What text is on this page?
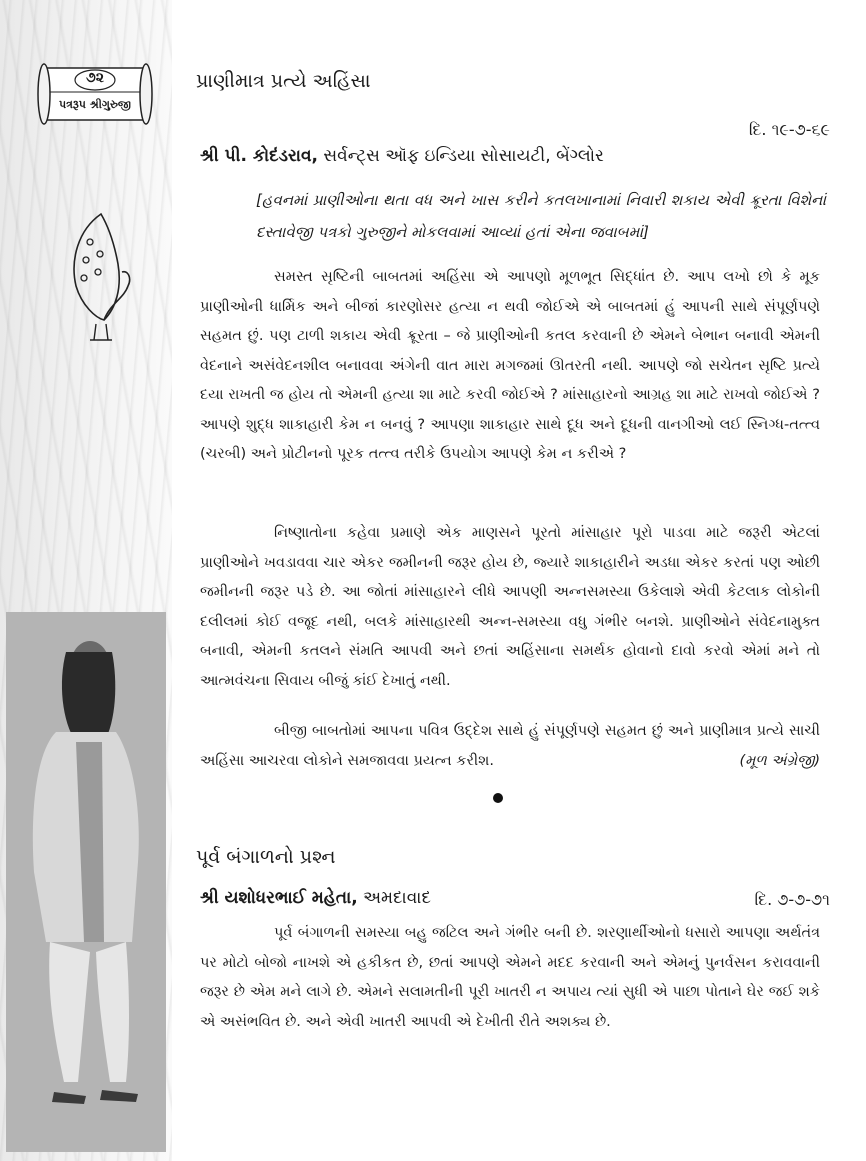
૭૨
પત્રરૂપ શ્રીગુરુજી
પ્રાણીમાત્ર પ્રત્યે અહિંસા
દિ. ૧૯-૭-૬૯
શ્રી પી. કોદંડરાવ, સર્વન્ટ્સ ઑફ ઇન્ડિયા સોસાયટી, બેંગ્લોર
[હવનમાં પ્રાણીઓના થતા વધ અને ખાસ કરીને કતલખાનામાં નિવારી શકાય એવી ક્રૂરતા વિશેનાં દસ્તાવેજી પત્રકો ગુરુજીને મોકલવામાં આવ્યાં હતાં એના જવાબમાં]
સમસ્ત સૃષ્ટિની બાબતમાં અહિંસા એ આપણો મૂળભૂત સિદ્ધાંત છે. આપ લખો છો કે મૂક પ્રાણીઓની ધાર્મિક અને બીજાં કારણોસર હત્યા ન થવી જોઈએ એ બાબતમાં હું આપની સાથે સંપૂર્ણપણે સહમત છું. પણ ટાળી શકાય એવી ક્રૂરતા – જે પ્રાણીઓની કતલ કરવાની છે એમને બેભાન બનાવી એમની વેદનાને અસંવેદનશીલ બનાવવા અંગેની વાત મારા મગજમાં ઊતરતી નથી. આપણે જો સચેતન સૃષ્ટિ પ્રત્યે દયા રાખતી જ હોય તો એમની હત્યા શા માટે કરવી જોઈએ ? માંસાહારનો આગ્રહ શા માટે રાખવો જોઈએ ? આપણે શુદ્ધ શાકાહારી કેમ ન બનવું ? આપણા શાકાહાર સાથે દૂધ અને દૂધની વાનગીઓ લઈ સ્નિગ્ધ-તત્ત્વ (ચરબી) અને પ્રોટીનનો પૂરક તત્ત્વ તરીકે ઉપયોગ આપણે કેમ ન કરીએ ?
નિષ્ણાતોના કહેવા પ્રમાણે એક માણસને પૂરતો માંસાહાર પૂરો પાડવા માટે જરૂરી એટલાં પ્રાણીઓને ખવડાવવા ચાર એકર જમીનની જરૂર હોય છે, જ્યારે શાકાહારીને અડધા એકર કરતાં પણ ઓછી જમીનની જરૂર પડે છે. આ જોતાં માંસાહારને લીધે આપણી અન્નસમસ્યા ઉકેલાશે એવી કેટલાક લોકોની દલીલમાં કોઈ વજૂદ નથી, બલકે માંસાહારથી અન્ન-સમસ્યા વધુ ગંભીર બનશે. પ્રાણીઓને સંવેદનામુક્ત બનાવી, એમની કતલને સંમતિ આપવી અને છતાં અહિંસાના સમર્થક હોવાનો દાવો કરવો એમાં મને તો આત્મવંચના સિવાય બીજું કાંઈ દેખાતું નથી.
બીજી બાબતોમાં આપના પવિત્ર ઉદ્દેશ સાથે હું સંપૂર્ણપણે સહમત છું અને પ્રાણીમાત્ર પ્રત્યે સાચી અહિંસા આચરવા લોકોને સમજાવવા પ્રયત્ન કરીશ.	(મૂળ અંગ્રેજી)
પૂર્વ બંગાળનો પ્રશ્ન
શ્રી યશોધરભાઈ મહેતા, અમદાવાદ	દિ. ૭-૭-૭૧
પૂર્વ બંગાળની સમસ્યા બહુ જટિલ અને ગંભીર બની છે. શરણાર્થીઓનો ધસારો આપણા અર્થતંત્ર પર મોટો બોજો નાખશે એ હકીકત છે, છતાં આપણે એમને મદદ કરવાની અને એમનું પુનર્વસન કરાવવાની જરૂર છે એમ મને લાગે છે. એમને સલામતીની પૂરી ખાતરી ન અપાય ત્યાં સુધી એ પાછા પોતાને ઘેર જઈ શકે એ અસંભવિત છે. અને એવી ખાતરી આપવી એ દેખીતી રીતે અશક્ય છે.
